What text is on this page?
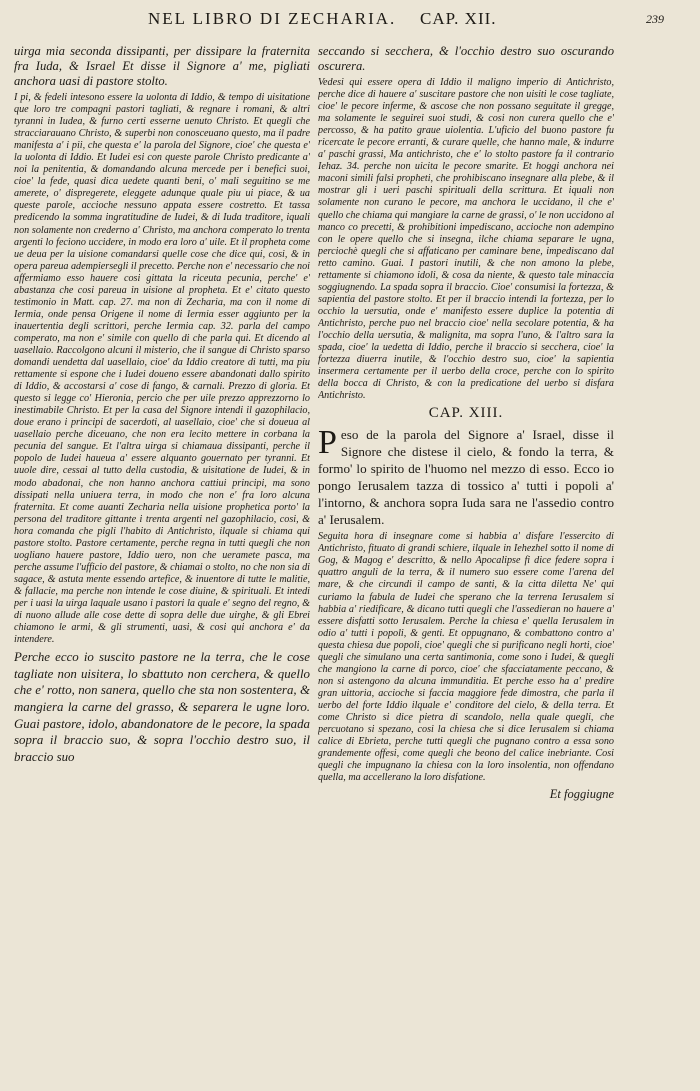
NEL LIBRO DI ZECHARIA. CAP. XII.	239

uirga mia seconda dissipanti, per dissipare la fraternita fra Iuda, & Israel Et disse il Signore a' me, pigliati anchora uasi di pastore stolto.

I pi, & fedeli intesono essere la uolonta di Iddio, & tempo di uisitatione que loro tre compagni pastori tagliati, & regnare i romani, & altri tyranni in Iudea, & furno certi esserne uenuto Christo. Et quegli che stracciarauano Christo, & superbi non conosceuano questo, ma il padre manifesta a' i pii, che questa e' la parola del Signore, cioe' che questa e' la uolonta di Iddio. Et Iudei esi con queste parole Christo predicante a' noi la penitentia, & domandando alcuna mercede per i benefici suoi, cioe' la fede, quasi dica uedete quanti beni, o' mali seguitino se me amerete, o' dispregerete, eleggete adunque quale piu ui piace, & ua queste parole, accioche nessuno appata essere costretto. Et tassa predicendo la somma ingratitudine de Iudei, & di Iuda traditore, iquali non solamente non crederno a' Christo, ma anchora comperato lo trenta argenti lo feciono uccidere, in modo era loro a' uile. Et il propheta come ue deua per la uisione comandarsi quelle cose che dice qui, cosi, & in opera pareua adempiersegli il precetto. Perche non e' necessario che noi affermiamo esso hauere cosi gittata la riceuta pecunia, perche' e' abastanza che cosi pareua in uisione al propheta. Et e' citato questo testimonio in Matt. cap. 27. ma non di Zecharia, ma con il nome di Iermia, onde pensa Origene il nome di Iermia esser aggiunto per la inauertentia degli scrittori, perche Iermia cap. 32. parla del campo comperato, ma non e' simile con quello di che parla qui. Et dicendo al uasellaio. Raccolgono alcuni il misterio, che il sangue di Christo sparso domandi uendetta dal uasellaio, cioe' da Iddio creatore di tutti, ma piu rettamente si espone che i Iudei doueno essere abandonati dallo spirito di Iddio, & accostarsi a' cose di fango, & carnali. Prezzo di gloria. Et questo si legge co' Hieronia, percio che per uile prezzo apprezzorno lo inestimabile Christo. Et per la casa del Signore intendi il gazophilacio, doue erano i principi de sacerdoti, al uasellaio, cioe' che si doueua al uasellaio perche diceuano, che non era lecito mettere in corbana la pecunia del sangue. Et l'altra uirga si chiamaua dissipanti, perche il popolo de Iudei haueua a' essere alquanto gouernato per tyranni. Et uuole dire, cessai al tutto della custodia, & uisitatione de Iudei, & in modo abadonai, che non hanno anchora cattiui principi, ma sono dissipati nella uniuera terra, in modo che non e' fra loro alcuna fraternita. Et come auanti Zecharia nella uisione prophetica porto' la persona del traditore gittante i trenta argenti nel gazophilacio, cosi, & hora comanda che pigli l'habito di Antichristo, ilquale si chiama qui pastore stolto. Pastore certamente, perche regna in tutti quegli che non uogliano hauere pastore, Iddio uero, non che ueramete pasca, ma perche assume l'ufficio del pastore, & chiamai o stolto, no che non sia di sagace, & astuta mente essendo artefice, & inuentore di tutte le malitie, & fallacie, ma perche non intende le cose diuine, & spirituali. Et intedi per i uasi la uirga laquale usano i pastori la quale e' segno del regno, & di nuono allude alle cose dette di sopra delle due uirghe, & gli Ebrei chiamono le armi, & gli strumenti, uasi, & cosi qui anchora e' da intendere.

Perche ecco io suscito pastore ne la terra, che le cose tagliate non uisitera, lo sbattuto non cerchera, & quello che e' rotto, non sanera, quello che sta non sostentera, & mangiera la carne del grasso, & separera le ugne loro. Guai pastore, idolo, abandonatore de le pecore, la spada sopra il braccio suo, & sopra l'occhio destro suo, il braccio suo

seccando si secchera, & l'occhio destro suo oscurando oscurera.

Vedesi qui essere opera di Iddio il maligno imperio di Antichristo, perche dice di hauere a' suscitare pastore che non uisiti le cose tagliate, cioe' le pecore inferme, & ascose che non possano seguitate il gregge, ma solamente le seguirei suoi studi, & cosi non curera quello che e' percosso, & ha patito graue uiolentia. L'uficio del buono pastore fu ricercate le pecore erranti, & curare quelle, che hanno male, & indurre a' paschi grassi, Ma antichristo, che e' lo stolto pastore fa il contrario Iehaz. 34. perche non uicita le pecore smarite. Et hoggi anchora nei maconi simili falsi propheti, che prohibiscano insegnare alla plebe, & il mostrar gli i ueri paschi spirituali della scrittura. Et iquali non solamente non curano le pecore, ma anchora le uccidano, il che e' quello che chiama qui mangiare la carne de grassi, o' le non uccidono al manco co precetti, & prohibitioni impediscano, accioche non adempino con le opere quello che si insegna, ilche chiama separare le ugna, perciochè quegli che si affaticano per caminare bene, impediscano dal retto camino. Guai. I pastori inutili, & che non amono la plebe, rettamente si chiamono idoli, & cosa da niente, & questo tale minaccia soggiugnendo. La spada sopra il braccio. Cioe' consumisi la fortezza, & sapientia del pastore stolto. Et per il braccio intendi la fortezza, per lo occhio la uersutia, onde e' manifesto essere duplice la potentia di Antichristo, perche puo nel braccio cioe' nella secolare potentia, & ha l'occhio della uersutia, & malignita, ma sopra l'uno, & l'altro sara la spada, cioe' la uedetta di Iddio, perche il braccio si secchera, cioe' la fortezza diuerra inutile, & l'occhio destro suo, cioe' la sapientia insermera certamente per il uerbo della croce, perche con lo spirito della bocca di Christo, & con la predicatione del uerbo si disfara Antichristo.

CAP. XIII.

Peso de la parola del Signore a' Israel, disse il Signore che distese il cielo, & fondo la terra, & formo' lo spirito de l'huomo nel mezzo di esso. Ecco io pongo Ierusalem tazza di tossico a' tutti i popoli a' l'intorno, & anchora sopra Iuda sara ne l'assedio contro a' Ierusalem.

Seguita hora di insegnare come si habbia a' disfare l'essercito di Antichristo, fituato di grandi schiere, ilquale in Iehezhel sotto il nome di Gog, & Magog e' descritto, & nello Apocalipse fi dice federe sopra i quattro anguli de la terra, & il numero suo essere come l'arena del mare, & che circundi il campo de santi, & la citta diletta Ne' qui curiamo la fabula de Iudei che sperano che la terrena Ierusalem si habbia a' riedificare, & dicano tutti quegli che l'assedieran no hauere a' essere disfatti sotto Ierusalem. Perche la chiesa e' quella Ierusalem in odio a' tutti i popoli, & genti. Et oppugnano, & combattono contro a' questa chiesa due popoli, cioe' quegli che si purificano negli horti, cioe' quegli che simulano una certa santimonia, come sono i Iudei, & quegli che mangiono la carne di porco, cioe' che sfacciatamente peccano, & non si astengono da alcuna immunditia. Et perche esso ha a' predire gran uittoria, accioche si faccia maggiore fede dimostra, che parla il uerbo del forte Iddio ilquale e' conditore del cielo, & della terra. Et come Christo si dice pietra di scandolo, nella quale quegli, che percuotano si spezano, cosi la chiesa che si dice Ierusalem si chiama calice di Ebrieta, perche tutti quegli che pugnano contro a essa sono grandemente offesi, come quegli che beono del calice inebriante. Cosi quegli che impugnano la chiesa con la loro insolentia, non offendano quella, ma accellerano la loro disfatione.

Et foggiugne
